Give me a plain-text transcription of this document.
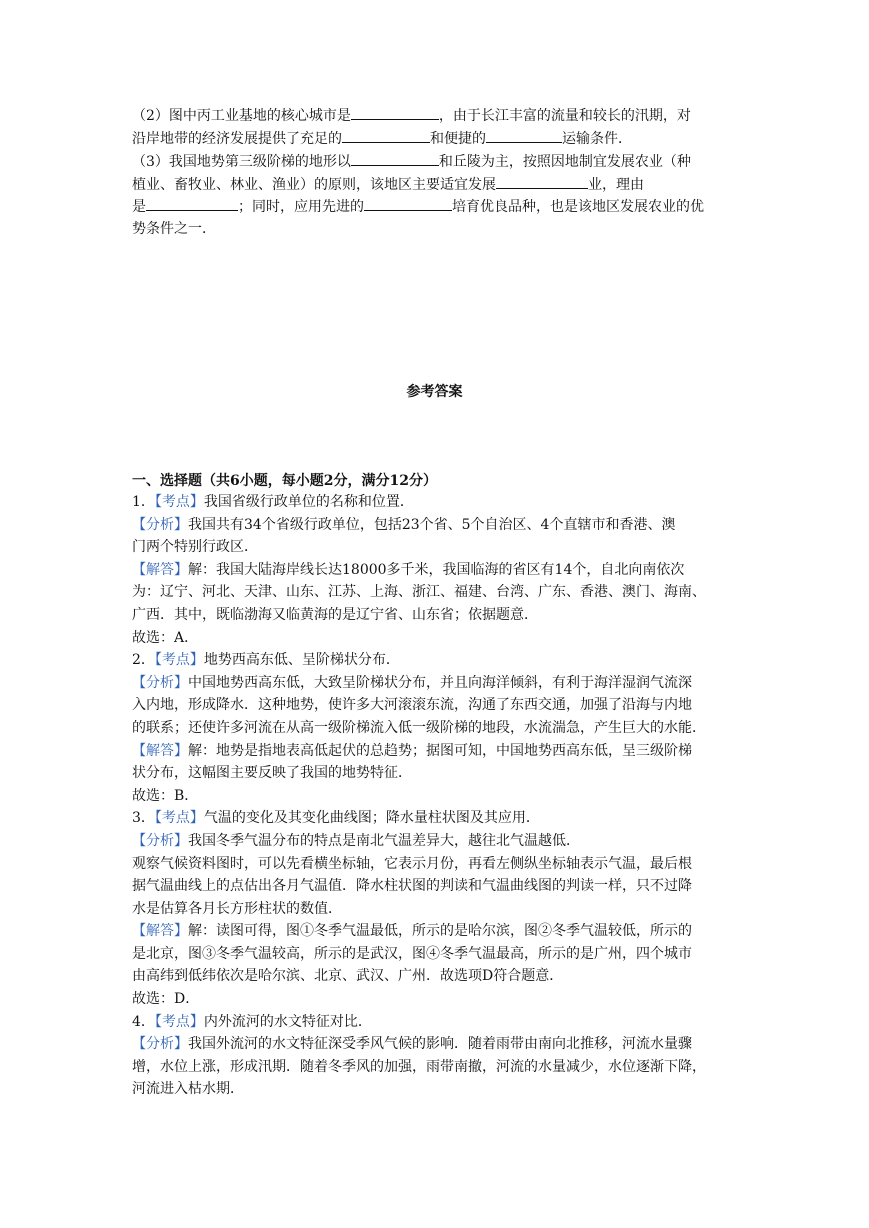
（2）图中丙工业基地的核心城市是	，由于长江丰富的流量和较长的汛期，对
沿岸地带的经济发展提供了充足的	和便捷的	运输条件．
（3）我国地势第三级阶梯的地形以	和丘陵为主，按照因地制宜发展农业（种
植业、畜牧业、林业、渔业）的原则，该地区主要适宜发展	业，理由
是	；同时，应用先进的	培育优良品种，也是该地区发展农业的优
势条件之一．
参考答案
一、选择题（共6小题，每小题2分，满分12分）
1．【考点】我国省级行政单位的名称和位置．
【分析】我国共有34个省级行政单位，包括23个省、5个自治区、4个直辖市和香港、澳
门两个特别行政区．
【解答】解：我国大陆海岸线长达18000多千米，我国临海的省区有14个，自北向南依次
为：辽宁、河北、天津、山东、江苏、上海、浙江、福建、台湾、广东、香港、澳门、海南、
广西．其中，既临渤海又临黄海的是辽宁省、山东省；依据题意．
故选：A．
2．【考点】地势西高东低、呈阶梯状分布．
【分析】中国地势西高东低，大致呈阶梯状分布，并且向海洋倾斜，有利于海洋湿润气流深
入内地，形成降水．这种地势，使许多大河滚滚东流，沟通了东西交通，加强了沿海与内地
的联系；还使许多河流在从高一级阶梯流入低一级阶梯的地段，水流湍急，产生巨大的水能．
【解答】解：地势是指地表高低起伏的总趋势；据图可知，中国地势西高东低，呈三级阶梯
状分布，这幅图主要反映了我国的地势特征．
故选：B．
3．【考点】气温的变化及其变化曲线图；降水量柱状图及其应用．
【分析】我国冬季气温分布的特点是南北气温差异大，越往北气温越低．
观察气候资料图时，可以先看横坐标轴，它表示月份，再看左侧纵坐标轴表示气温，最后根
据气温曲线上的点估出各月气温值．降水柱状图的判读和气温曲线图的判读一样，只不过降
水是估算各月长方形柱状的数值．
【解答】解：读图可得，图①冬季气温最低，所示的是哈尔滨，图②冬季气温较低，所示的
是北京，图③冬季气温较高，所示的是武汉，图④冬季气温最高，所示的是广州，四个城市
由高纬到低纬依次是哈尔滨、北京、武汉、广州．故选项D符合题意．
故选：D．
4．【考点】内外流河的水文特征对比．
【分析】我国外流河的水文特征深受季风气候的影响．随着雨带由南向北推移，河流水量骤
增，水位上涨，形成汛期．随着冬季风的加强，雨带南撤，河流的水量减少，水位逐渐下降，
河流进入枯水期．
